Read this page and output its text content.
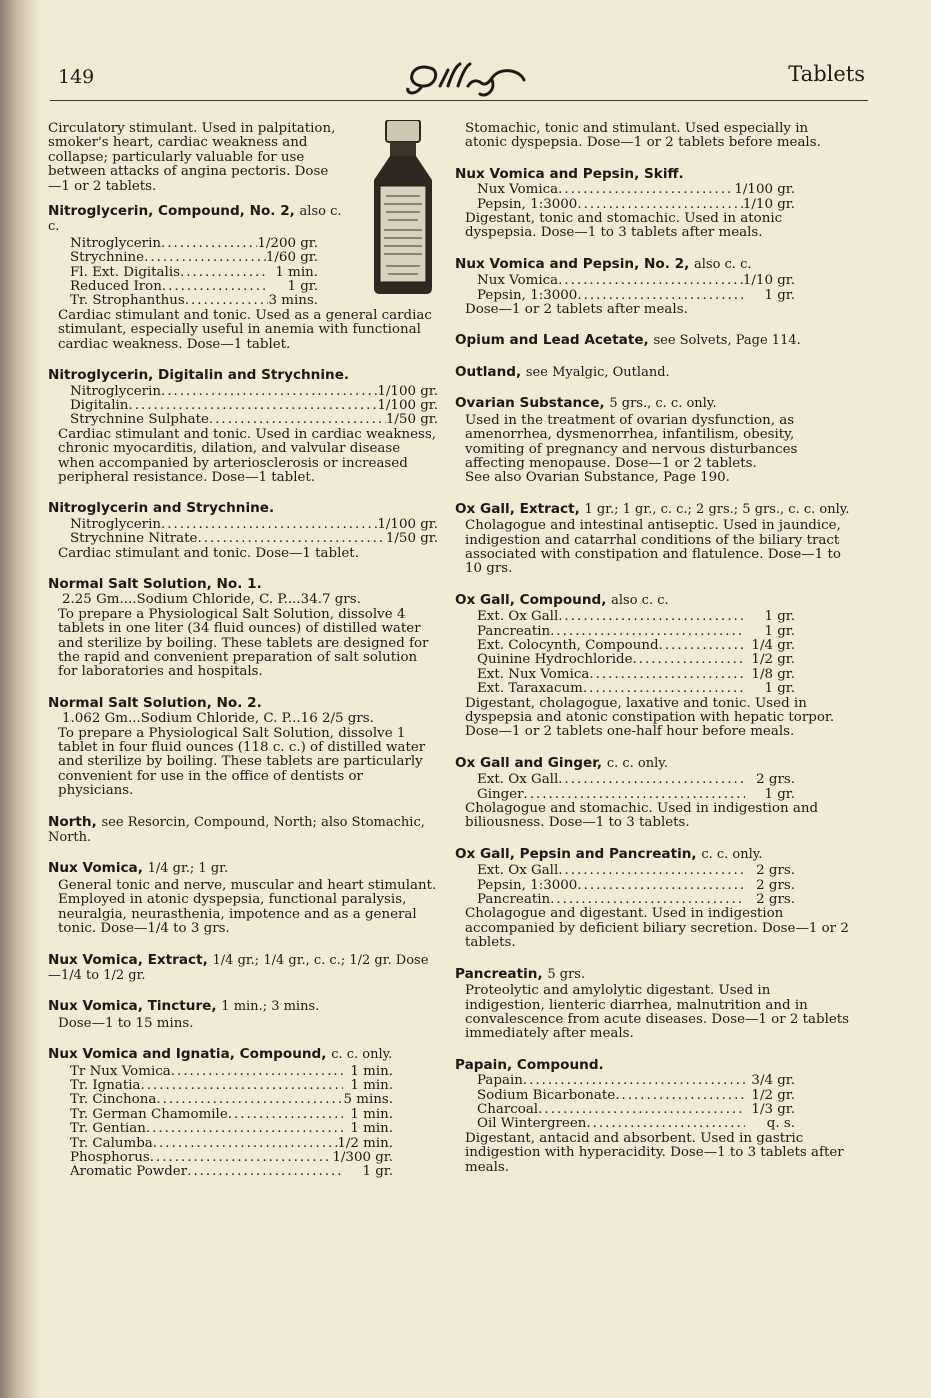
149	Tablets
Circulatory stimulant. Used in palpitation, smoker's heart, cardiac weakness and collapse; particularly valuable for use between attacks of angina pectoris. Dose—1 or 2 tablets.
Nitroglycerin, Compound, No. 2, also c. c.
Nitroglycerin .....	1/200 gr.
Strychnine .....	1/60 gr.
Fl. Ext. Digitalis .....	1 min.
Reduced Iron .....	1 gr.
Tr. Strophanthus .....	3 mins.
Cardiac stimulant and tonic. Used as a general cardiac stimulant, especially useful in anemia with functional cardiac weakness. Dose—1 tablet.
Nitroglycerin, Digitalin and Strychnine.
Nitroglycerin .....	1/100 gr.
Digitalin .....	1/100 gr.
Strychnine Sulphate .....	1/50 gr.
Cardiac stimulant and tonic. Used in cardiac weakness, chronic myocarditis, dilation, and valvular disease when accompanied by arteriosclerosis or increased peripheral resistance. Dose—1 tablet.
Nitroglycerin and Strychnine.
Nitroglycerin .....	1/100 gr.
Strychnine Nitrate .....	1/50 gr.
Cardiac stimulant and tonic. Dose—1 tablet.
Normal Salt Solution, No. 1.
2.25 Gm....Sodium Chloride, C. P....34.7 grs.
To prepare a Physiological Salt Solution, dissolve 4 tablets in one liter (34 fluid ounces) of distilled water and sterilize by boiling. These tablets are designed for the rapid and convenient preparation of salt solution for laboratories and hospitals.
Normal Salt Solution, No. 2.
1.062 Gm...Sodium Chloride, C. P...16 2/5 grs.
To prepare a Physiological Salt Solution, dissolve 1 tablet in four fluid ounces (118 c. c.) of distilled water and sterilize by boiling. These tablets are particularly convenient for use in the office of dentists or physicians.
North, see Resorcin, Compound, North; also Stomachic, North.
Nux Vomica, 1/4 gr.; 1 gr.
General tonic and nerve, muscular and heart stimulant. Employed in atonic dyspepsia, functional paralysis, neuralgia, neurasthenia, impotence and as a general tonic. Dose—1/4 to 3 grs.
Nux Vomica, Extract, 1/4 gr.; 1/4 gr., c. c.; 1/2 gr. Dose—1/4 to 1/2 gr.
Nux Vomica, Tincture, 1 min.; 3 mins.
Dose—1 to 15 mins.
Nux Vomica and Ignatia, Compound, c. c. only.
Tr Nux Vomica .....	1 min.
Tr. Ignatia .....	1 min.
Tr. Cinchona .....	5 mins.
Tr. German Chamomile .....	1 min.
Tr. Gentian .....	1 min.
Tr. Calumba .....	1/2 min.
Phosphorus .....	1/300 gr.
Aromatic Powder .....	1 gr.
Stomachic, tonic and stimulant. Used especially in atonic dyspepsia. Dose—1 or 2 tablets before meals.
Nux Vomica and Pepsin, Skiff.
Nux Vomica .....	1/100 gr.
Pepsin, 1:3000 .....	1/10 gr.
Digestant, tonic and stomachic. Used in atonic dyspepsia. Dose—1 to 3 tablets after meals.
Nux Vomica and Pepsin, No. 2, also c. c.
Nux Vomica .....	1/10 gr.
Pepsin, 1:3000 .....	1 gr.
Dose—1 or 2 tablets after meals.
Opium and Lead Acetate, see Solvets, Page 114.
Outland, see Myalgic, Outland.
Ovarian Substance, 5 grs., c. c. only.
Used in the treatment of ovarian dysfunction, as amenorrhea, dysmenorrhea, infantilism, obesity, vomiting of pregnancy and nervous disturbances affecting menopause. Dose—1 or 2 tablets.
See also Ovarian Substance, Page 190.
Ox Gall, Extract, 1 gr.; 1 gr., c. c.; 2 grs.; 5 grs., c. c. only.
Cholagogue and intestinal antiseptic. Used in jaundice, indigestion and catarrhal conditions of the biliary tract associated with constipation and flatulence. Dose—1 to 10 grs.
Ox Gall, Compound, also c. c.
Ext. Ox Gall .....	1 gr.
Pancreatin .....	1 gr.
Ext. Colocynth, Compound .....	1/4 gr.
Quinine Hydrochloride .....	1/2 gr.
Ext. Nux Vomica .....	1/8 gr.
Ext. Taraxacum .....	1 gr.
Digestant, cholagogue, laxative and tonic. Used in dyspepsia and atonic constipation with hepatic torpor. Dose—1 or 2 tablets one-half hour before meals.
Ox Gall and Ginger, c. c. only.
Ext. Ox Gall .....	2 grs.
Ginger .....	1 gr.
Cholagogue and stomachic. Used in indigestion and biliousness. Dose—1 to 3 tablets.
Ox Gall, Pepsin and Pancreatin, c. c. only.
Ext. Ox Gall .....	2 grs.
Pepsin, 1:3000 .....	2 grs.
Pancreatin .....	2 grs.
Cholagogue and digestant. Used in indigestion accompanied by deficient biliary secretion. Dose—1 or 2 tablets.
Pancreatin, 5 grs.
Proteolytic and amylolytic digestant. Used in indigestion, lienteric diarrhea, malnutrition and in convalescence from acute diseases. Dose—1 or 2 tablets immediately after meals.
Papain, Compound.
Papain .....	3/4 gr.
Sodium Bicarbonate .....	1/2 gr.
Charcoal .....	1/3 gr.
Oil Wintergreen .....	q. s.
Digestant, antacid and absorbent. Used in gastric indigestion with hyperacidity. Dose—1 to 3 tablets after meals.
